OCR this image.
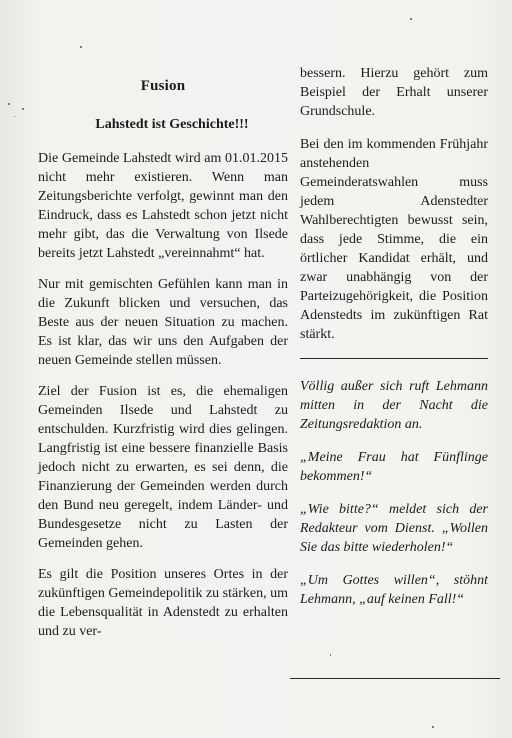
Fusion
Lahstedt ist Geschichte!!!

Die Gemeinde Lahstedt wird am 01.01.2015 nicht mehr existieren. Wenn man Zeitungsberichte verfolgt, gewinnt man den Eindruck, dass es Lahstedt schon jetzt nicht mehr gibt, das die Verwaltung von Ilsede bereits jetzt Lahstedt „vereinnahmt“ hat.

Nur mit gemischten Gefühlen kann man in die Zukunft blicken und versuchen, das Beste aus der neuen Situation zu machen. Es ist klar, das wir uns den Aufgaben der neuen Gemeinde stellen müssen.

Ziel der Fusion ist es, die ehemaligen Gemeinden Ilsede und Lahstedt zu entschulden. Kurzfristig wird dies gelingen. Langfristig ist eine bessere finanzielle Basis jedoch nicht zu erwarten, es sei denn, die Finanzierung der Gemeinden werden durch den Bund neu geregelt, indem Länder- und Bundesgesetze nicht zu Lasten der Gemeinden gehen.

Es gilt die Position unseres Ortes in der zukünftigen Gemeindepolitik zu stärken, um die Lebensqualität in Adenstedt zu erhalten und zu ver-

bessern. Hierzu gehört zum Beispiel der Erhalt unserer Grundschule.

Bei den im kommenden Frühjahr anstehenden Gemeinderatswahlen muss jedem Adenstedter Wahlberechtigten bewusst sein, dass jede Stimme, die ein örtlicher Kandidat erhält, und zwar unabhängig von der Parteizugehörigkeit, die Position Adenstedts im zukünftigen Rat stärkt.

Völlig außer sich ruft Lehmann mitten in der Nacht die Zeitungsredaktion an.

„Meine Frau hat Fünflinge bekommen!“

„Wie bitte?“ meldet sich der Redakteur vom Dienst. „Wollen Sie das bitte wiederholen!“

„Um Gottes willen“, stöhnt Lehmann, „auf keinen Fall!“
